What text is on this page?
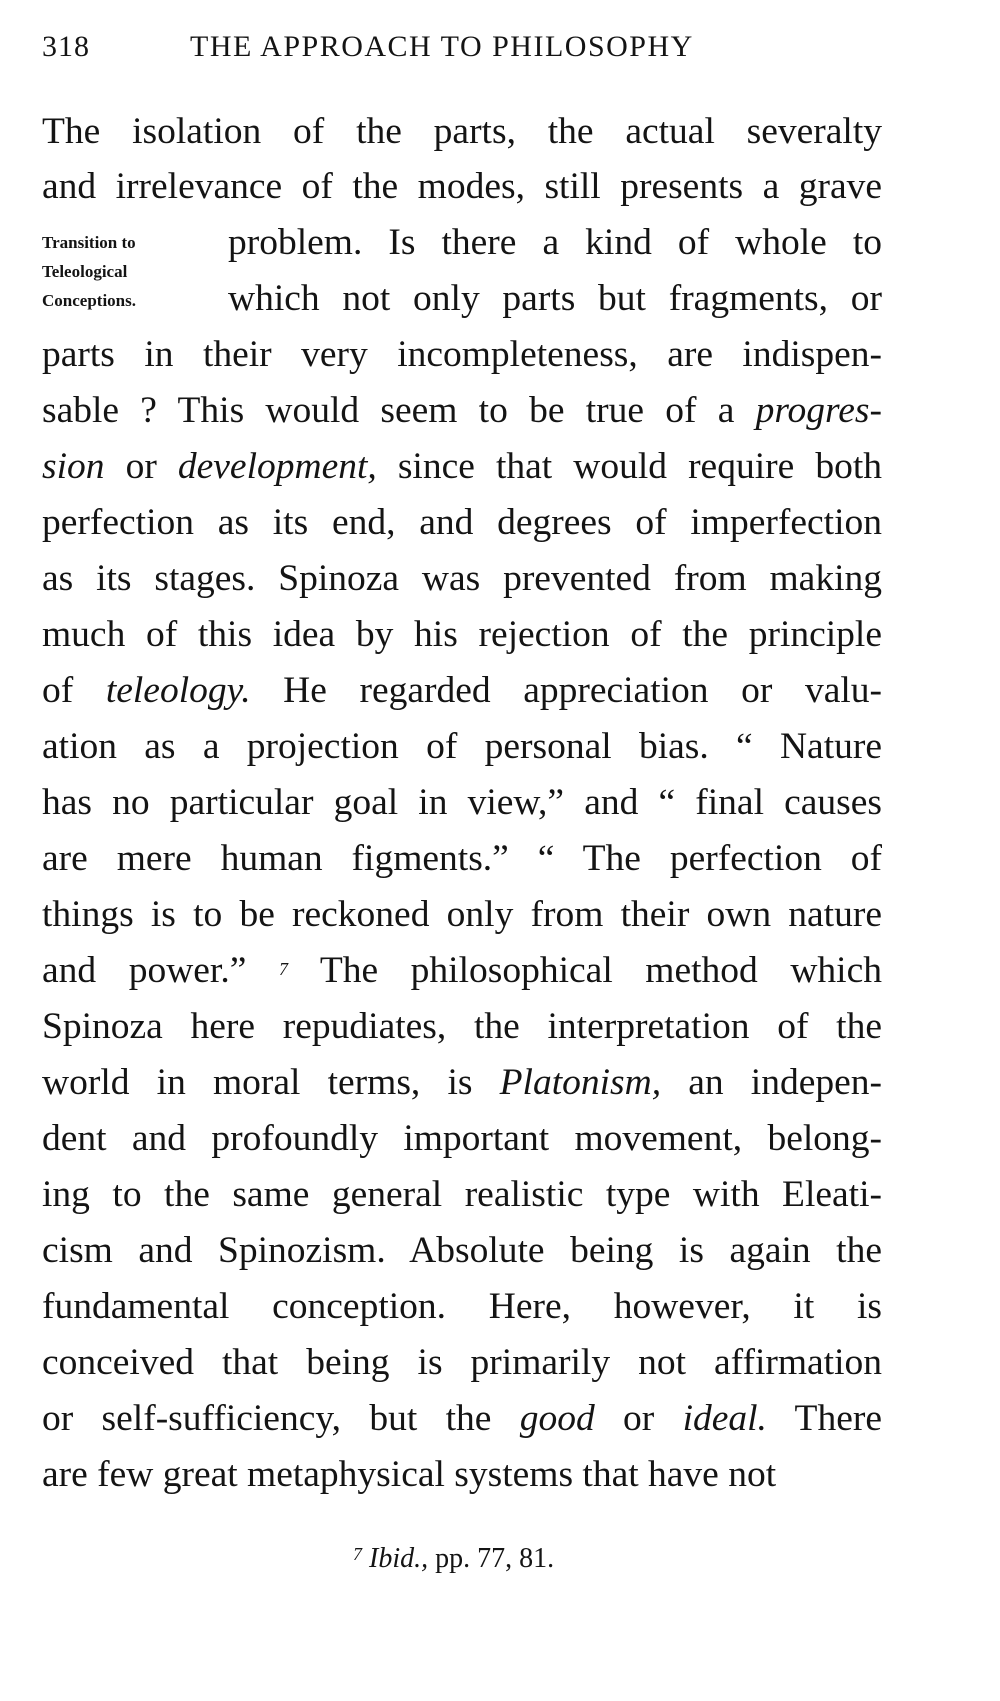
318	THE APPROACH TO PHILOSOPHY
Transition to
Teleological
Conceptions.
The isolation of the parts, the actual severalty
and irrelevance of the modes, still presents a grave
problem. Is there a kind of whole to
which not only parts but fragments, or
parts in their very incompleteness, are indispen-
sable ? This would seem to be true of a progres-
sion or development, since that would require both
perfection as its end, and degrees of imperfection
as its stages. Spinoza was prevented from making
much of this idea by his rejection of the principle
of teleology. He regarded appreciation or valu-
ation as a projection of personal bias. “ Nature
has no particular goal in view,” and “ final causes
are mere human figments.” “ The perfection of
things is to be reckoned only from their own nature
and power.” 7 The philosophical method which
Spinoza here repudiates, the interpretation of the
world in moral terms, is Platonism, an indepen-
dent and profoundly important movement, belong-
ing to the same general realistic type with Eleati-
cism and Spinozism. Absolute being is again the
fundamental conception. Here, however, it is
conceived that being is primarily not affirmation
or self-sufficiency, but the good or ideal. There
are few great metaphysical systems that have not
$^7$ Ibid., pp. 77, 81.
